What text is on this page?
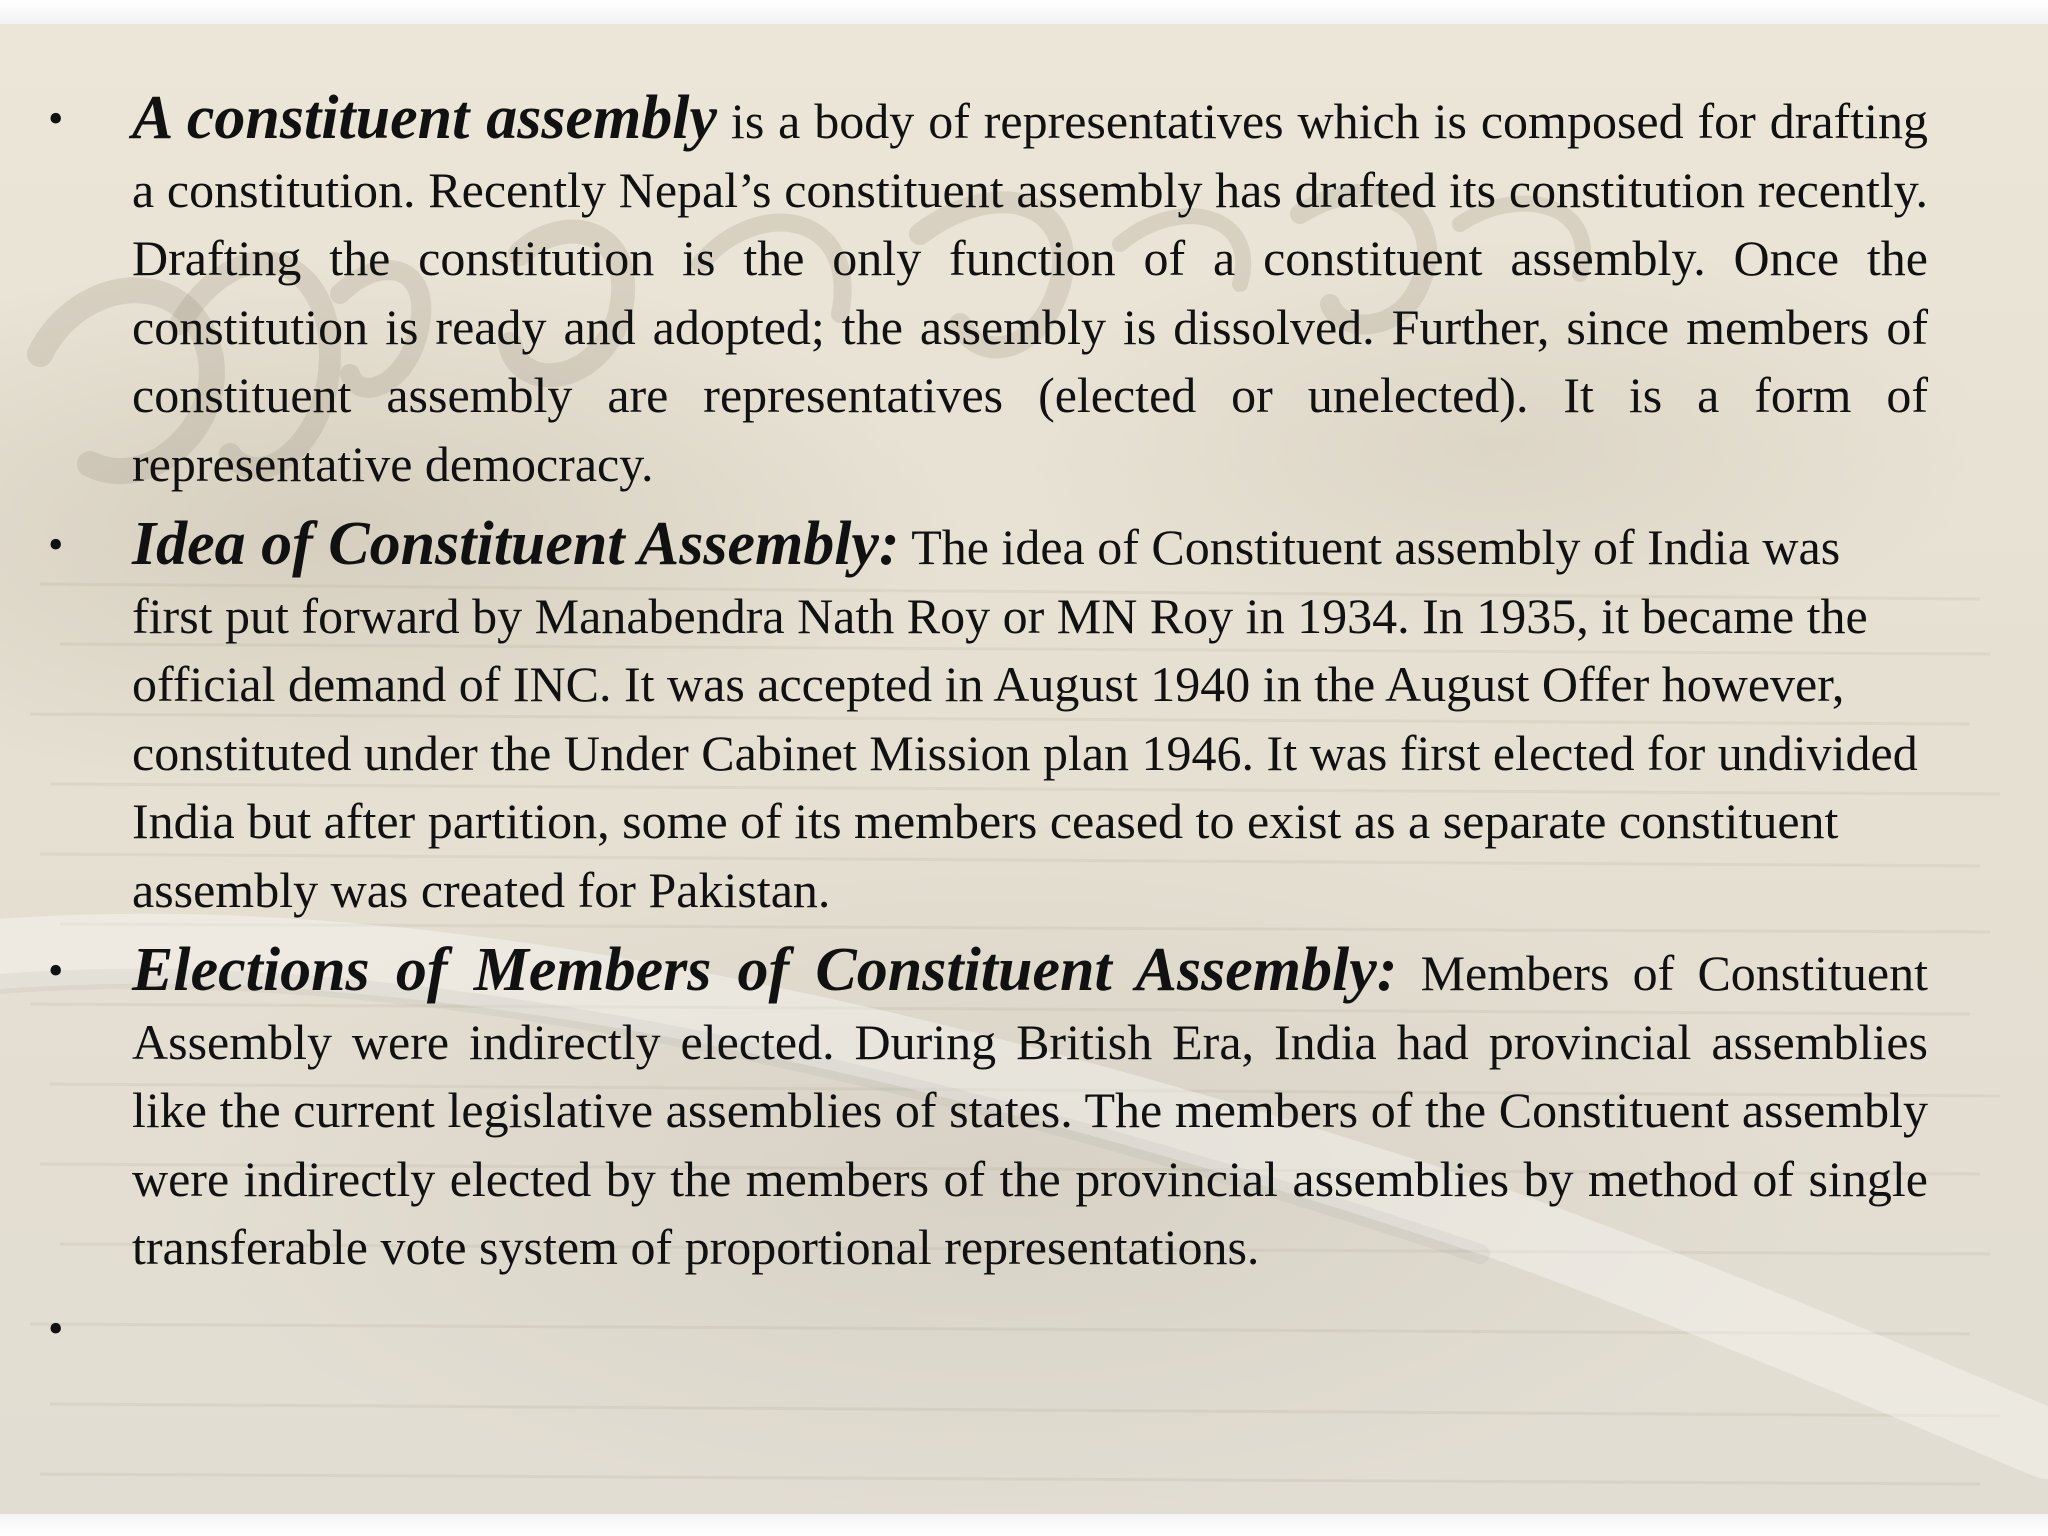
•	A constituent assembly is a body of representatives which is composed for drafting a constitution. Recently Nepal’s constituent assembly has drafted its constitution recently. Drafting the constitution is the only function of a constituent assembly. Once the constitution is ready and adopted; the assembly is dissolved. Further, since members of constituent assembly are representatives (elected or unelected). It is a form of representative democracy.

•	Idea of Constituent Assembly: The idea of Constituent assembly of India was first put forward by Manabendra Nath Roy or MN Roy in 1934. In 1935, it became the official demand of INC. It was accepted in August 1940 in the August Offer however, constituted under the Under Cabinet Mission plan 1946. It was first elected for undivided India but after partition, some of its members ceased to exist as a separate constituent assembly was created for Pakistan.

•	Elections of Members of Constituent Assembly: Members of Constituent Assembly were indirectly elected. During British Era, India had provincial assemblies like the current legislative assemblies of states. The members of the Constituent assembly were indirectly elected by the members of the provincial assemblies by method of single transferable vote system of proportional representations.

•
